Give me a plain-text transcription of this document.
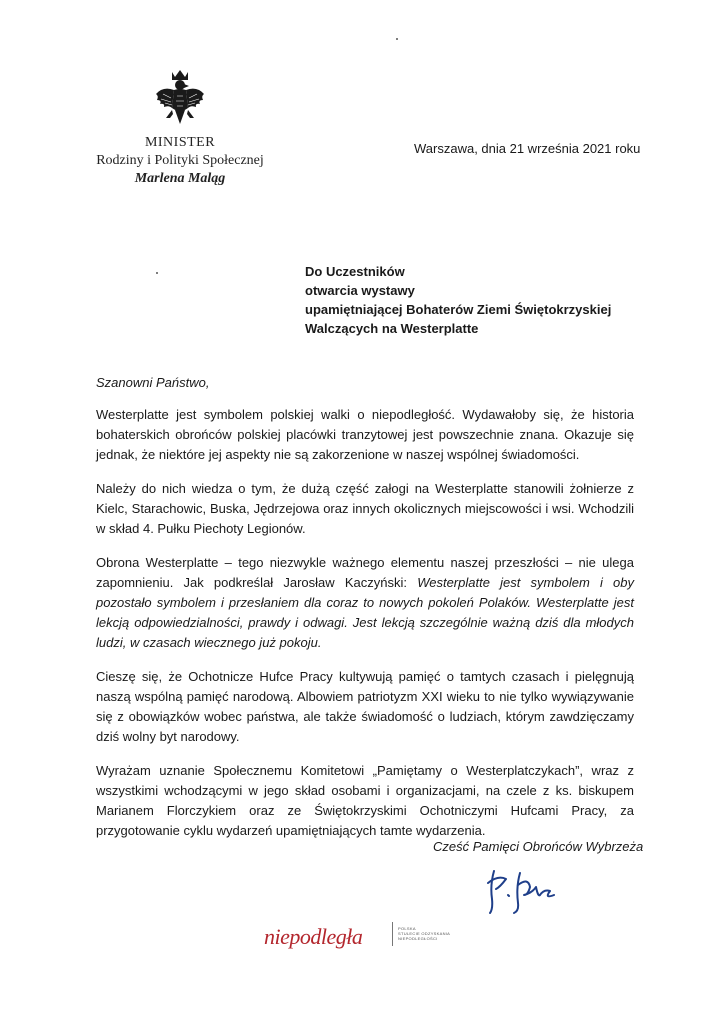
MINISTER
Rodziny i Polityki Społecznej
Marlena Maląg
Warszawa, dnia 21 września 2021 roku
Do Uczestników
otwarcia wystawy
upamiętniającej Bohaterów Ziemi Świętokrzyskiej
Walczących na Westerplatte
Szanowni Państwo,

Westerplatte jest symbolem polskiej walki o niepodległość. Wydawałoby się, że historia bohaterskich obrońców polskiej placówki tranzytowej jest powszechnie znana. Okazuje się jednak, że niektóre jej aspekty nie są zakorzenione w naszej wspólnej świadomości.

Należy do nich wiedza o tym, że dużą część załogi na Westerplatte stanowili żołnierze z Kielc, Starachowic, Buska, Jędrzejowa oraz innych okolicznych miejscowości i wsi. Wchodzili w skład 4. Pułku Piechoty Legionów.

Obrona Westerplatte – tego niezwykle ważnego elementu naszej przeszłości – nie ulega zapomnieniu. Jak podkreślał Jarosław Kaczyński: Westerplatte jest symbolem i oby pozostało symbolem i przesłaniem dla coraz to nowych pokoleń Polaków. Westerplatte jest lekcją odpowiedzialności, prawdy i odwagi. Jest lekcją szczególnie ważną dziś dla młodych ludzi, w czasach wiecznego już pokoju.

Cieszę się, że Ochotnicze Hufce Pracy kultywują pamięć o tamtych czasach i pielęgnują naszą wspólną pamięć narodową. Albowiem patriotyzm XXI wieku to nie tylko wywiązywanie się z obowiązków wobec państwa, ale także świadomość o ludziach, którym zawdzięczamy dziś wolny byt narodowy.

Wyrażam uznanie Społecznemu Komitetowi „Pamiętamy o Westerplatczykach”, wraz z wszystkimi wchodzącymi w jego skład osobami i organizacjami, na czele z ks. biskupem Marianem Florczykiem oraz ze Świętokrzyskimi Ochotniczymi Hufcami Pracy, za przygotowanie cyklu wydarzeń upamiętniających tamte wydarzenia.

Cześć Pamięci Obrońców Wybrzeża
niepodległa	POLSKA
STULECIE ODZYSKANIA
NIEPODLEGŁOŚCI
